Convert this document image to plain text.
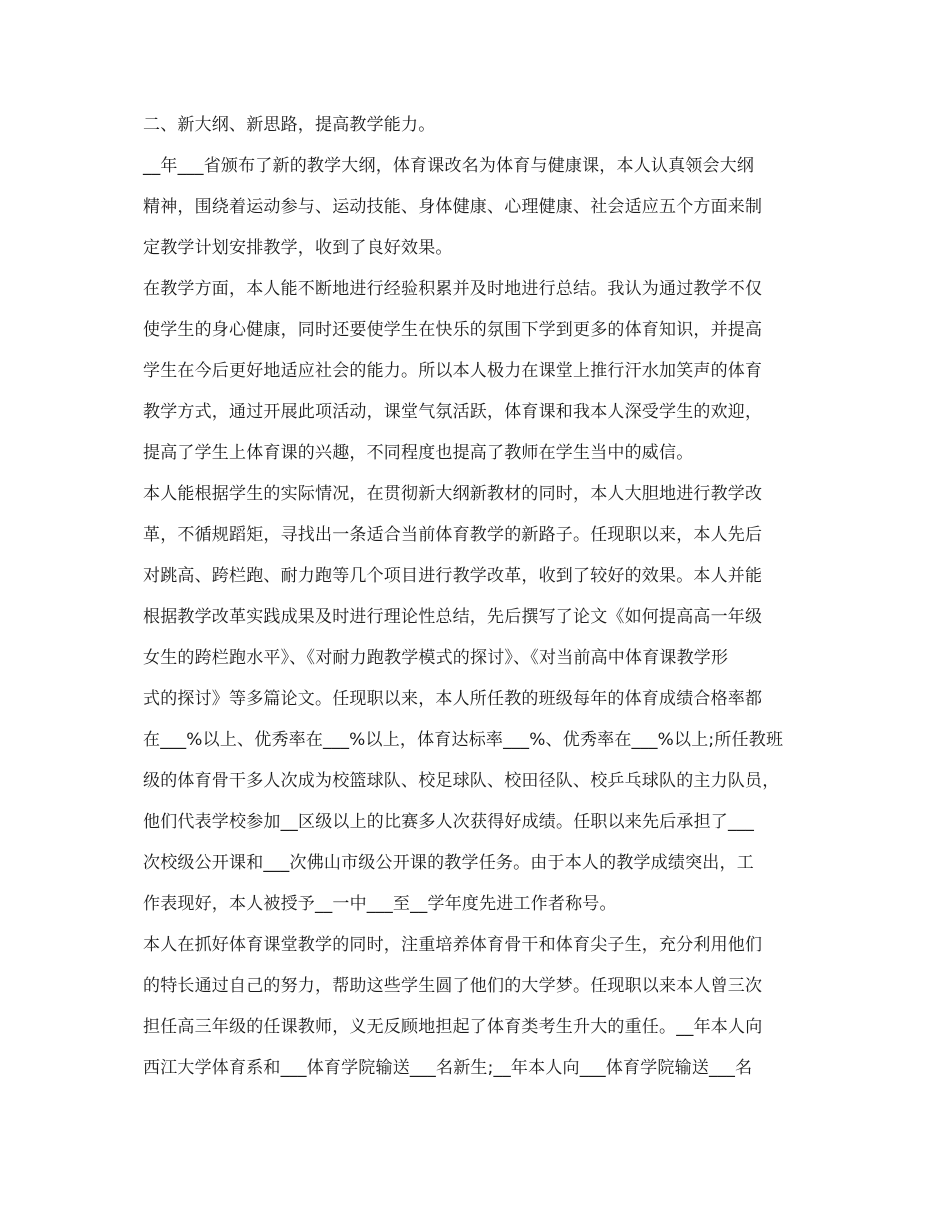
二、新大纲、新思路，提高教学能力。
__年___省颁布了新的教学大纲，体育课改名为体育与健康课，本人认真领会大纲
精神，围绕着运动参与、运动技能、身体健康、心理健康、社会适应五个方面来制
定教学计划安排教学，收到了良好效果。
在教学方面，本人能不断地进行经验积累并及时地进行总结。我认为通过教学不仅
使学生的身心健康，同时还要使学生在快乐的氛围下学到更多的体育知识，并提高
学生在今后更好地适应社会的能力。所以本人极力在课堂上推行汗水加笑声的体育
教学方式，通过开展此项活动，课堂气氛活跃，体育课和我本人深受学生的欢迎，
提高了学生上体育课的兴趣，不同程度也提高了教师在学生当中的威信。
本人能根据学生的实际情况，在贯彻新大纲新教材的同时，本人大胆地进行教学改
革，不循规蹈矩，寻找出一条适合当前体育教学的新路子。任现职以来，本人先后
对跳高、跨栏跑、耐力跑等几个项目进行教学改革，收到了较好的效果。本人并能
根据教学改革实践成果及时进行理论性总结，先后撰写了论文《如何提高高一年级
女生的跨栏跑水平》、《对耐力跑教学模式的探讨》、《对当前高中体育课教学形
式的探讨》等多篇论文。任现职以来，本人所任教的班级每年的体育成绩合格率都
在___%以上、优秀率在___%以上，体育达标率___%、优秀率在___%以上;所任教班
级的体育骨干多人次成为校篮球队、校足球队、校田径队、校乒乓球队的主力队员，
他们代表学校参加__区级以上的比赛多人次获得好成绩。任职以来先后承担了___
次校级公开课和___次佛山市级公开课的教学任务。由于本人的教学成绩突出，工
作表现好，本人被授予__一中___至__学年度先进工作者称号。
本人在抓好体育课堂教学的同时，注重培养体育骨干和体育尖子生，充分利用他们
的特长通过自己的努力，帮助这些学生圆了他们的大学梦。任现职以来本人曾三次
担任高三年级的任课教师，义无反顾地担起了体育类考生升大的重任。__年本人向
西江大学体育系和___体育学院输送___名新生;__年本人向___体育学院输送___名
